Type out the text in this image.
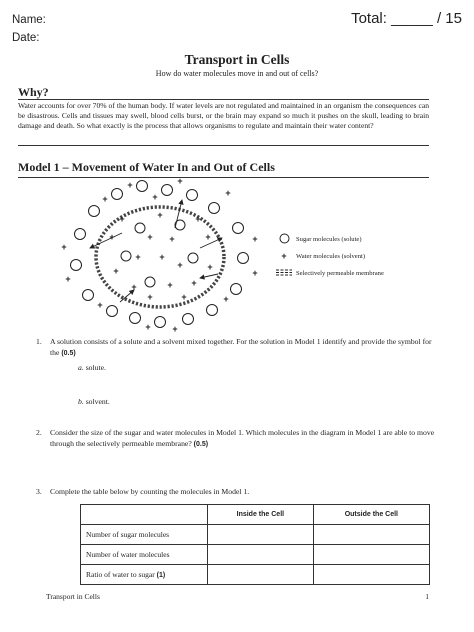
Name:
Date:
Total: _____ / 15
Transport in Cells
How do water molecules move in and out of cells?
Why?
Water accounts for over 70% of the human body. If water levels are not regulated and maintained in an organism the consequences can be disastrous. Cells and tissues may swell, blood cells burst, or the brain may expand so much it pushes on the skull, leading to brain damage and death. So what exactly is the process that allows organisms to regulate and maintain their water content?
Model 1 – Movement of Water In and Out of Cells
+
+
+
+
+
+
+
+
+
+
+ +
+
+	+	+
+	+ +	+
+ +
+	+
+
+	+ +
+	+
Sugar molecules (solute)
+	Water molecules (solvent)
Selectively permeable membrane
1. A solution consists of a solute and a solvent mixed together. For the solution in Model 1 identify and provide the symbol for the (0.5)
a. solute.
b. solvent.
2. Consider the size of the sugar and water molecules in Model 1. Which molecules in the diagram in Model 1 are able to move through the selectively permeable membrane? (0.5)
3. Complete the table below by counting the molecules in Model 1.
	Inside the Cell	Outside the Cell
Number of sugar molecules		
Number of water molecules		
Ratio of water to sugar (1)		
Transport in Cells	1
